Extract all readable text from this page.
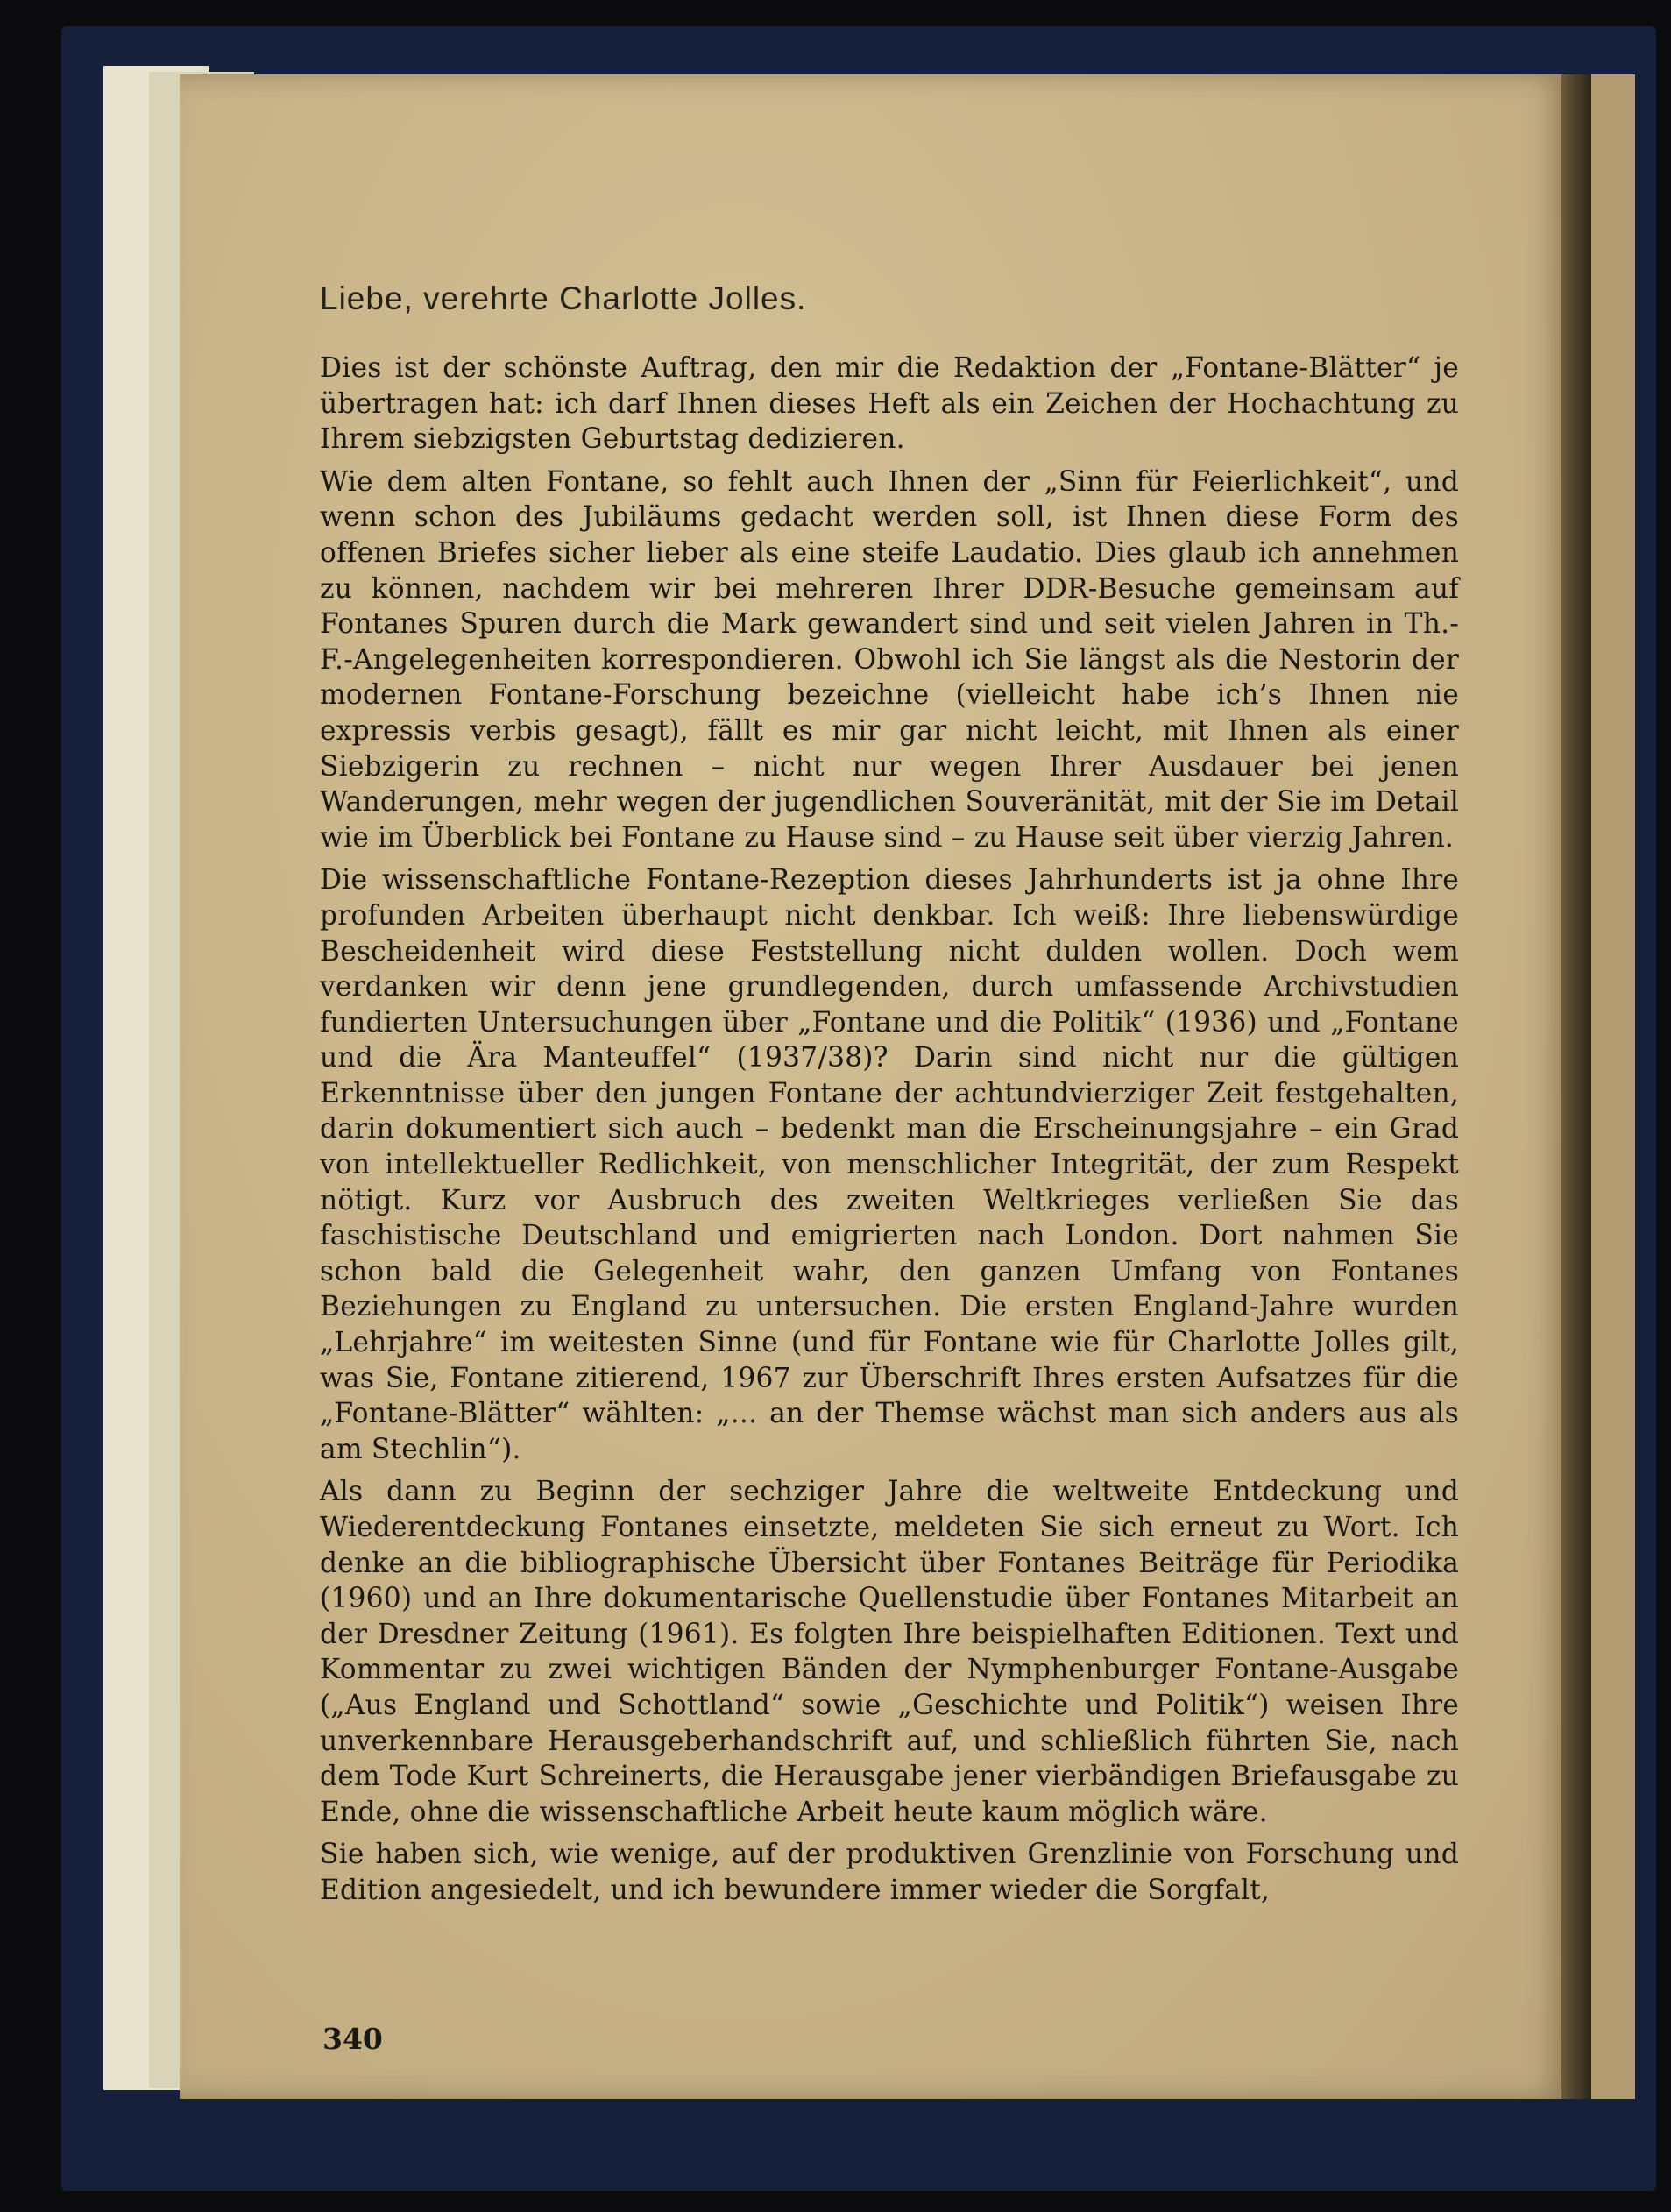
Liebe, verehrte Charlotte Jolles.

Dies ist der schönste Auftrag, den mir die Redaktion der „Fontane-Blätter“ je übertragen hat: ich darf Ihnen dieses Heft als ein Zeichen der Hochachtung zu Ihrem siebzigsten Geburtstag dedizieren.

Wie dem alten Fontane, so fehlt auch Ihnen der „Sinn für Feierlichkeit“, und wenn schon des Jubiläums gedacht werden soll, ist Ihnen diese Form des offenen Briefes sicher lieber als eine steife Laudatio. Dies glaub ich annehmen zu können, nachdem wir bei mehreren Ihrer DDR-Besuche gemeinsam auf Fontanes Spuren durch die Mark gewandert sind und seit vielen Jahren in Th.-F.-Angelegenheiten korrespondieren. Obwohl ich Sie längst als die Nestorin der modernen Fontane-Forschung bezeichne (vielleicht habe ich’s Ihnen nie expressis verbis gesagt), fällt es mir gar nicht leicht, mit Ihnen als einer Siebzigerin zu rechnen – nicht nur wegen Ihrer Ausdauer bei jenen Wanderungen, mehr wegen der jugendlichen Souveränität, mit der Sie im Detail wie im Überblick bei Fontane zu Hause sind – zu Hause seit über vierzig Jahren.

Die wissenschaftliche Fontane-Rezeption dieses Jahrhunderts ist ja ohne Ihre profunden Arbeiten überhaupt nicht denkbar. Ich weiß: Ihre liebenswürdige Bescheidenheit wird diese Feststellung nicht dulden wollen. Doch wem verdanken wir denn jene grundlegenden, durch umfassende Archivstudien fundierten Untersuchungen über „Fontane und die Politik“ (1936) und „Fontane und die Ära Manteuffel“ (1937/38)? Darin sind nicht nur die gültigen Erkenntnisse über den jungen Fontane der achtundvierziger Zeit festgehalten, darin dokumentiert sich auch – bedenkt man die Erscheinungsjahre – ein Grad von intellektueller Redlichkeit, von menschlicher Integrität, der zum Respekt nötigt. Kurz vor Ausbruch des zweiten Weltkrieges verließen Sie das faschistische Deutschland und emigrierten nach London. Dort nahmen Sie schon bald die Gelegenheit wahr, den ganzen Umfang von Fontanes Beziehungen zu England zu untersuchen. Die ersten England-Jahre wurden „Lehrjahre“ im weitesten Sinne (und für Fontane wie für Charlotte Jolles gilt, was Sie, Fontane zitierend, 1967 zur Überschrift Ihres ersten Aufsatzes für die „Fontane-Blätter“ wählten: „... an der Themse wächst man sich anders aus als am Stechlin“).

Als dann zu Beginn der sechziger Jahre die weltweite Entdeckung und Wiederentdeckung Fontanes einsetzte, meldeten Sie sich erneut zu Wort. Ich denke an die bibliographische Übersicht über Fontanes Beiträge für Periodika (1960) und an Ihre dokumentarische Quellenstudie über Fontanes Mitarbeit an der Dresdner Zeitung (1961). Es folgten Ihre beispielhaften Editionen. Text und Kommentar zu zwei wichtigen Bänden der Nymphenburger Fontane-Ausgabe („Aus England und Schottland“ sowie „Geschichte und Politik“) weisen Ihre unverkennbare Herausgeberhandschrift auf, und schließlich führten Sie, nach dem Tode Kurt Schreinerts, die Herausgabe jener vierbändigen Briefausgabe zu Ende, ohne die wissenschaftliche Arbeit heute kaum möglich wäre.

Sie haben sich, wie wenige, auf der produktiven Grenzlinie von Forschung und Edition angesiedelt, und ich bewundere immer wieder die Sorgfalt,

340
